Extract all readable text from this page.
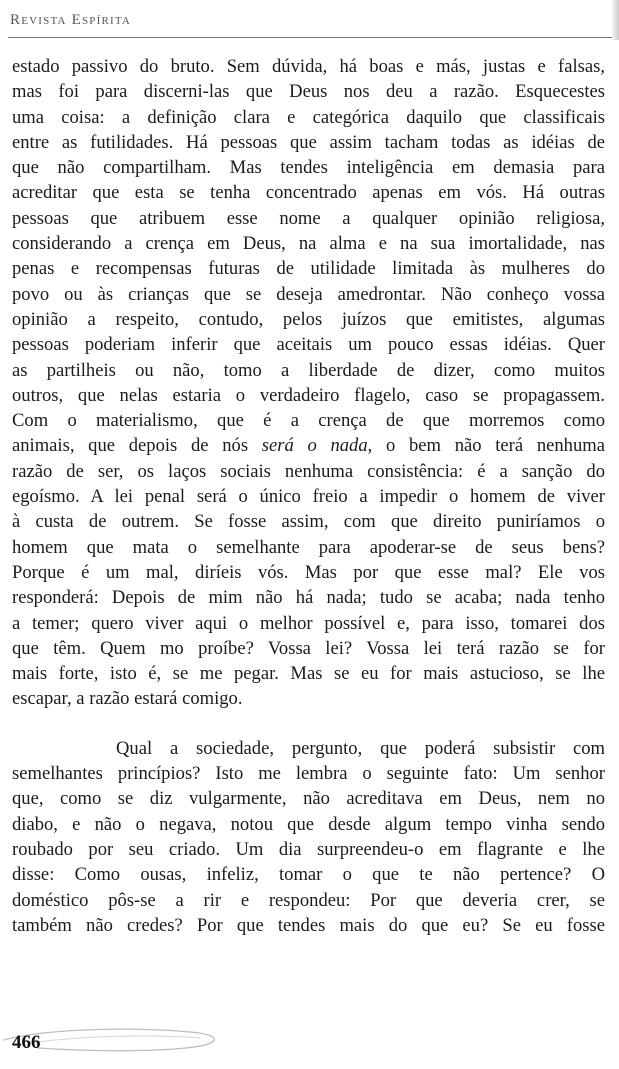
Revista Espírita
estado passivo do bruto. Sem dúvida, há boas e más, justas e falsas,
mas foi para discerni-las que Deus nos deu a razão. Esquecestes
uma coisa: a definição clara e categórica daquilo que classificais
entre as futilidades. Há pessoas que assim tacham todas as idéias de
que não compartilham. Mas tendes inteligência em demasia para
acreditar que esta se tenha concentrado apenas em vós. Há outras
pessoas que atribuem esse nome a qualquer opinião religiosa,
considerando a crença em Deus, na alma e na sua imortalidade, nas
penas e recompensas futuras de utilidade limitada às mulheres do
povo ou às crianças que se deseja amedrontar. Não conheço vossa
opinião a respeito, contudo, pelos juízos que emitistes, algumas
pessoas poderiam inferir que aceitais um pouco essas idéias. Quer
as partilheis ou não, tomo a liberdade de dizer, como muitos
outros, que nelas estaria o verdadeiro flagelo, caso se propagassem.
Com o materialismo, que é a crença de que morremos como
animais, que depois de nós será o nada, o bem não terá nenhuma
razão de ser, os laços sociais nenhuma consistência: é a sanção do
egoísmo. A lei penal será o único freio a impedir o homem de viver
à custa de outrem. Se fosse assim, com que direito puniríamos o
homem que mata o semelhante para apoderar-se de seus bens?
Porque é um mal, diríeis vós. Mas por que esse mal? Ele vos
responderá: Depois de mim não há nada; tudo se acaba; nada tenho
a temer; quero viver aqui o melhor possível e, para isso, tomarei dos
que têm. Quem mo proíbe? Vossa lei? Vossa lei terá razão se for
mais forte, isto é, se me pegar. Mas se eu for mais astucioso, se lhe
escapar, a razão estará comigo.
Qual a sociedade, pergunto, que poderá subsistir com
semelhantes princípios? Isto me lembra o seguinte fato: Um senhor
que, como se diz vulgarmente, não acreditava em Deus, nem no
diabo, e não o negava, notou que desde algum tempo vinha sendo
roubado por seu criado. Um dia surpreendeu-o em flagrante e lhe
disse: Como ousas, infeliz, tomar o que te não pertence? O
doméstico pôs-se a rir e respondeu: Por que deveria crer, se
também não credes? Por que tendes mais do que eu? Se eu fosse
466
